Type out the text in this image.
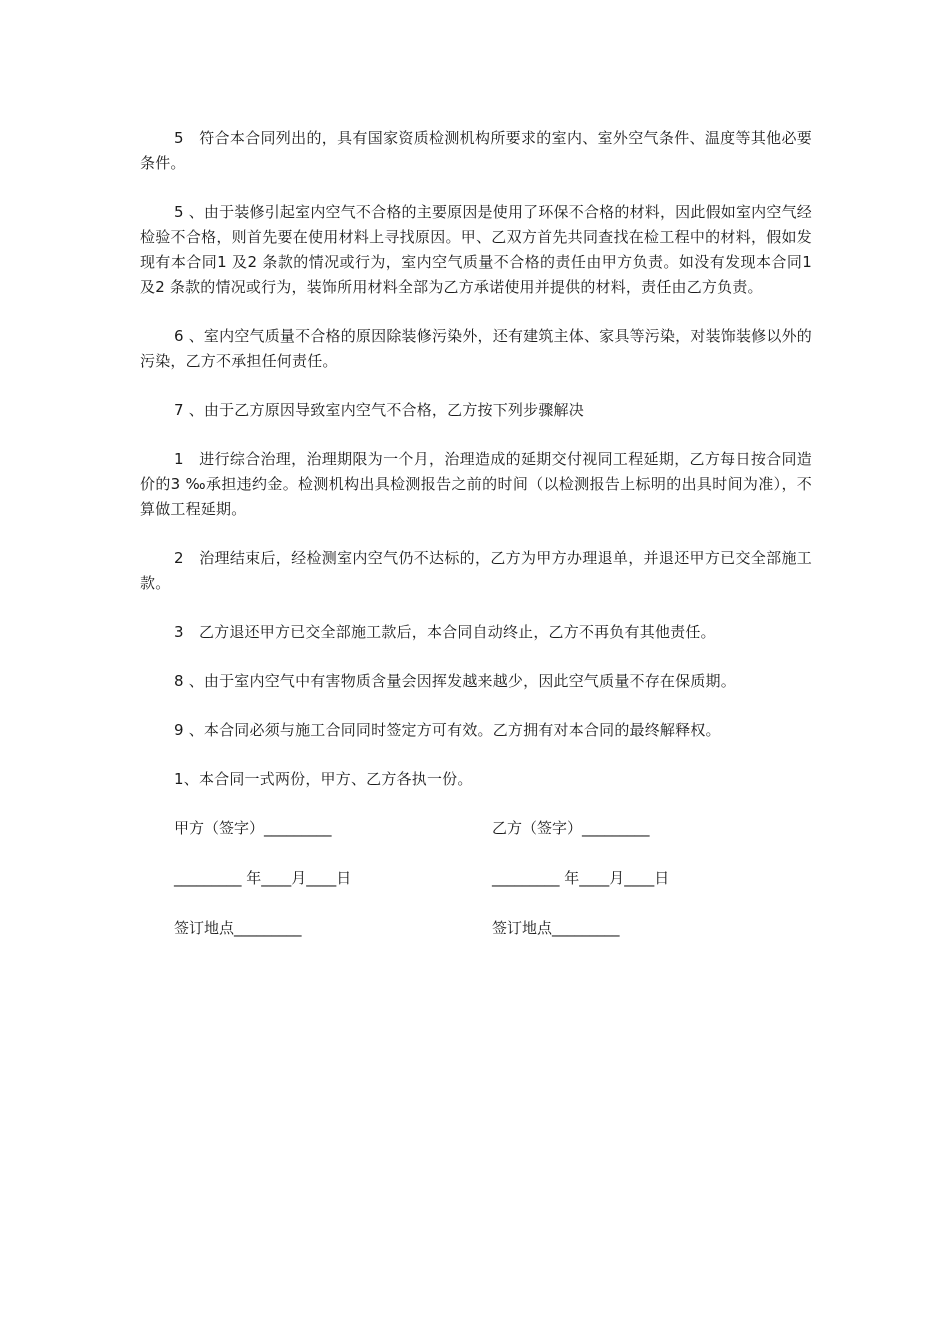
5　符合本合同列出的，具有国家资质检测机构所要求的室内、室外空气条件、温度等其他必要条件。

5 、由于装修引起室内空气不合格的主要原因是使用了环保不合格的材料，因此假如室内空气经检验不合格，则首先要在使用材料上寻找原因。甲、乙双方首先共同查找在检工程中的材料，假如发现有本合同1 及2 条款的情况或行为，室内空气质量不合格的责任由甲方负责。如没有发现本合同1 及2 条款的情况或行为，装饰所用材料全部为乙方承诺使用并提供的材料，责任由乙方负责。

6 、室内空气质量不合格的原因除装修污染外，还有建筑主体、家具等污染，对装饰装修以外的污染，乙方不承担任何责任。

7 、由于乙方原因导致室内空气不合格，乙方按下列步骤解决

1　进行综合治理，治理期限为一个月，治理造成的延期交付视同工程延期，乙方每日按合同造价的3 ‰承担违约金。检测机构出具检测报告之前的时间（以检测报告上标明的出具时间为准），不算做工程延期。

2　治理结束后，经检测室内空气仍不达标的，乙方为甲方办理退单，并退还甲方已交全部施工款。

3　乙方退还甲方已交全部施工款后，本合同自动终止，乙方不再负有其他责任。

8 、由于室内空气中有害物质含量会因挥发越来越少，因此空气质量不存在保质期。

9 、本合同必须与施工合同同时签定方可有效。乙方拥有对本合同的最终解释权。

1、本合同一式两份，甲方、乙方各执一份。

甲方（签字）_________	乙方（签字）_________
_________ 年____月____日	_________ 年____月____日
签订地点_________	签订地点_________
